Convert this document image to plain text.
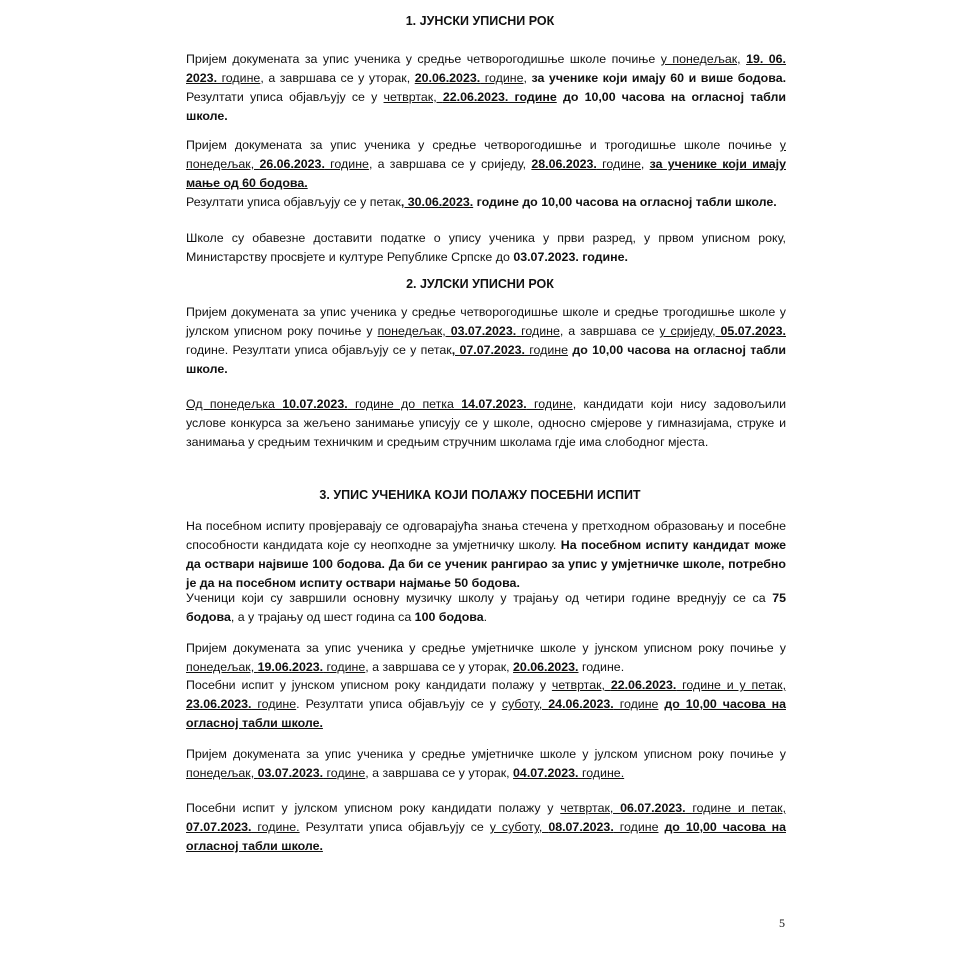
1. ЈУНСКИ УПИСНИ РОК

Пријем докумената за упис ученика у средње четворогодишње школе почиње у понедељак, 19. 06. 2023. године, а завршава се у уторак, 20.06.2023. године, за ученике који имају 60 и више бодова. Резултати уписа објављују се у четвртак, 22.06.2023. године до 10,00 часова на огласној табли школе.

Пријем докумената за упис ученика у средње четворогодишње и трогодишње школе почиње у понедељак, 26.06.2023. године, а завршава се у сриједу, 28.06.2023. године, за ученике који имају мање од 60 бодова.

Резултати уписа објављују се у петак, 30.06.2023. године до 10,00 часова на огласној табли школе.

Школе су обавезне доставити податке о упису ученика у први разред, у првом уписном року, Министарству просвјете и културе Републике Српске до 03.07.2023. године.

2. ЈУЛСКИ УПИСНИ РОК

Пријем докумената за упис ученика у средње четворогодишње школе и средње трогодишње школе у јулском уписном року почиње у понедељак, 03.07.2023. године, а завршава се у сриједу, 05.07.2023. године. Резултати уписа објављују се у петак, 07.07.2023. године до 10,00 часова на огласној табли школе.

Од понедељка 10.07.2023. године до петка 14.07.2023. године, кандидати који нису задовољили услове конкурса за жељено занимање уписују се у школе, односно смјерове у гимназијама, струке и занимања у средњим техничким и средњим стручним школама гдје има слободног мјеста.

3. УПИС УЧЕНИКА КОЈИ ПОЛАЖУ ПОСЕБНИ ИСПИТ

На посебном испиту провјеравају се одговарајућа знања стечена у претходном образовању и посебне способности кандидата које су неопходне за умјетничку школу. На посебном испиту кандидат може да оствари највише 100 бодова. Да би се ученик рангирао за упис у умјетничке школе, потребно је да на посебном испиту оствари најмање 50 бодова.

Ученици који су завршили основну музичку школу у трајању од четири године вреднују се са 75 бодова, а у трајању од шест година са 100 бодова.

Пријем докумената за упис ученика у средње умјетничке школе у јунском уписном року почиње у понедељак, 19.06.2023. године, а завршава се у уторак, 20.06.2023. године.

Посебни испит у јунском уписном року кандидати полажу у четвртак, 22.06.2023. године и у петак, 23.06.2023. године. Резултати уписа објављују се у суботу, 24.06.2023. године до 10,00 часова на огласној табли школе.

Пријем докумената за упис ученика у средње умјетничке школе у јулском уписном року почиње у понедељак, 03.07.2023. године, а завршава се у уторак, 04.07.2023. године.

Посебни испит у јулском уписном року кандидати полажу у четвртак, 06.07.2023. године и петак, 07.07.2023. године. Резултати уписа објављују се у суботу, 08.07.2023. године до 10,00 часова на огласној табли школе.

5
